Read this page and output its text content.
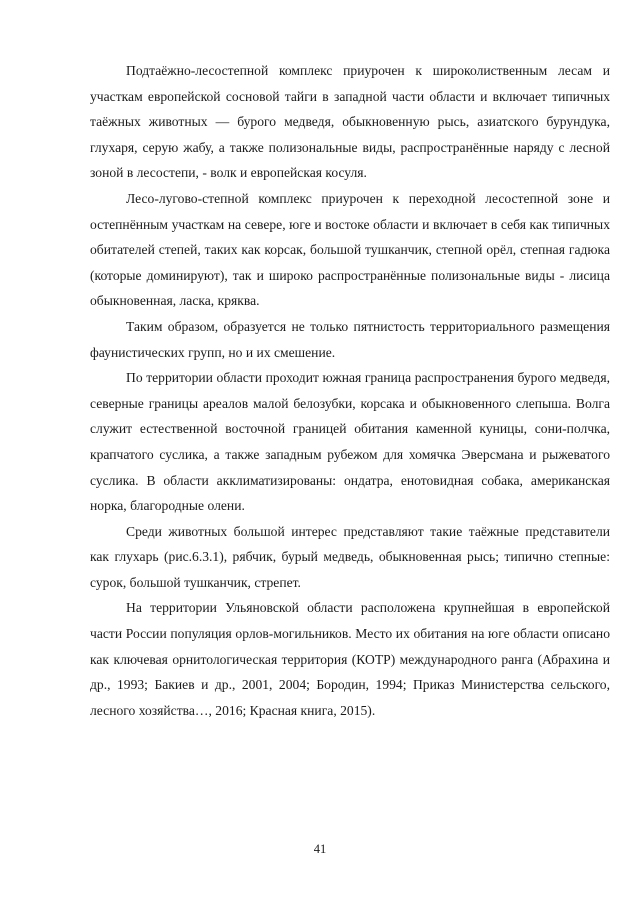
Подтаёжно-лесостепной комплекс приурочен к широколиственным лесам и участкам европейской сосновой тайги в западной части области и включает типичных таёжных животных — бурого медведя, обыкновенную рысь, азиатского бурундука, глухаря, серую жабу, а также полизональные виды, распространённые наряду с лесной зоной в лесостепи, - волк и европейская косуля.

Лесо-лугово-степной комплекс приурочен к переходной лесостепной зоне и остепнённым участкам на севере, юге и востоке области и включает в себя как типичных обитателей степей, таких как корсак, большой тушканчик, степной орёл, степная гадюка (которые доминируют), так и широко распространённые полизональные виды - лисица обыкновенная, ласка, кряква.

Таким образом, образуется не только пятнистость территориального размещения фаунистических групп, но и их смешение.

По территории области проходит южная граница распространения бурого медведя, северные границы ареалов малой белозубки, корсака и обыкновенного слепыша. Волга служит естественной восточной границей обитания каменной куницы, сони-полчка, крапчатого суслика, а также западным рубежом для хомячка Эверсмана и рыжеватого суслика. В области акклиматизированы: ондатра, енотовидная собака, американская норка, благородные олени.

Среди животных большой интерес представляют такие таёжные представители как глухарь (рис.6.3.1), рябчик, бурый медведь, обыкновенная рысь; типично степные: сурок, большой тушканчик, стрепет.

На территории Ульяновской области расположена крупнейшая в европейской части России популяция орлов-могильников. Место их обитания на юге области описано как ключевая орнитологическая территория (КОТР) международного ранга (Абрахина и др., 1993; Бакиев и др., 2001, 2004; Бородин, 1994; Приказ Министерства сельского, лесного хозяйства…, 2016; Красная книга, 2015).

41
